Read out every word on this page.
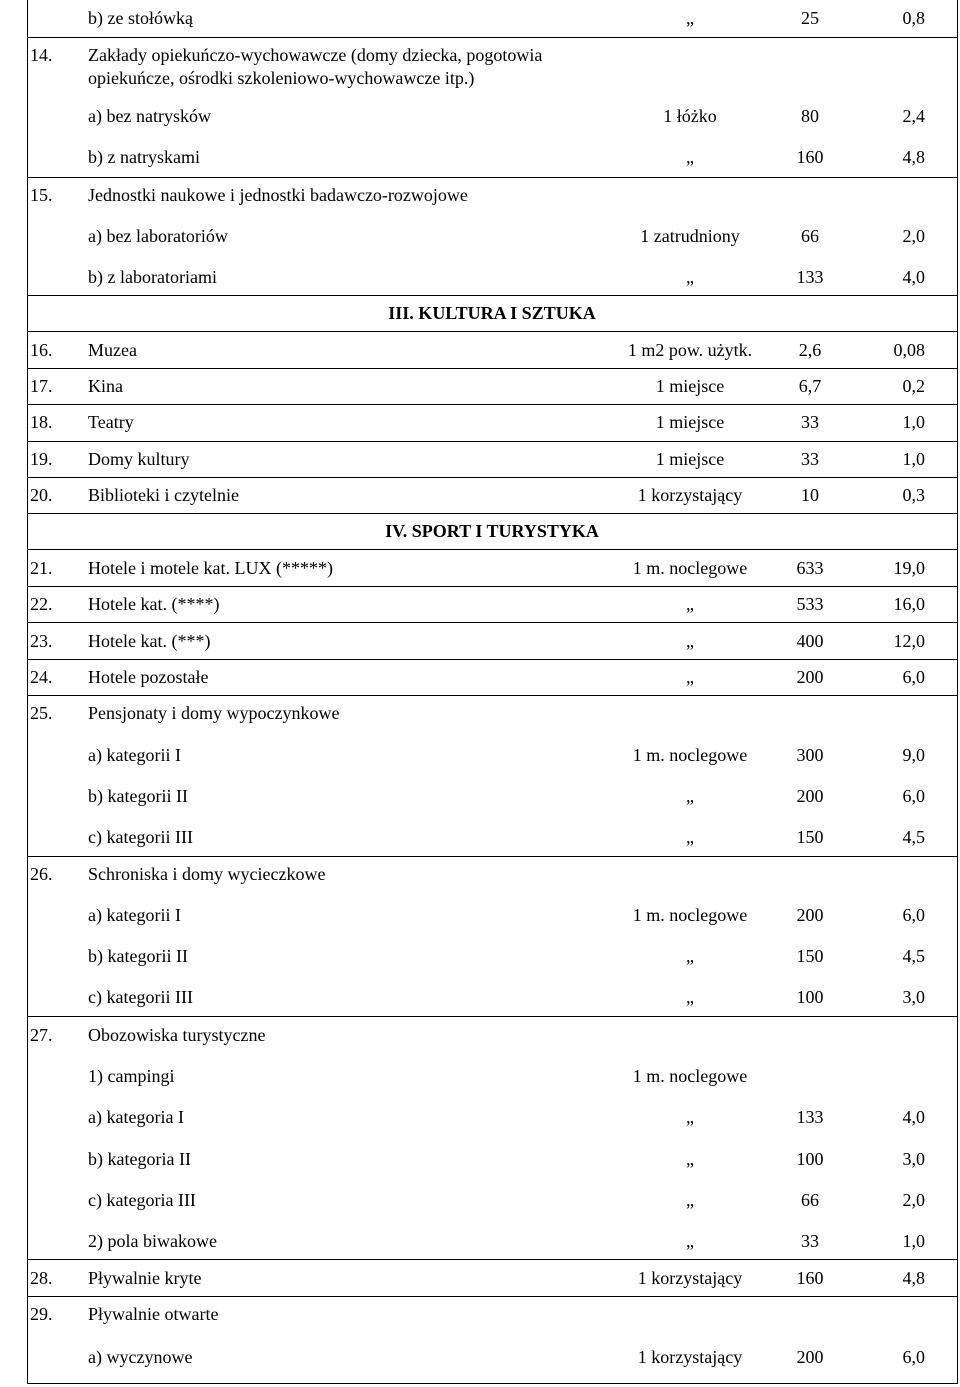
b) ze stołówką	„	25	0,8
14. Zakłady opiekuńczo-wychowawcze (domy dziecka, pogotowia
opiekuńcze, ośrodki szkoleniowo-wychowawcze itp.)
a) bez natrysków	1 łóżko	80	2,4
b) z natryskami	„	160	4,8
15. Jednostki naukowe i jednostki badawczo-rozwojowe
a) bez laboratoriów	1 zatrudniony	66	2,0
b) z laboratoriami	„	133	4,0
III. KULTURA I SZTUKA
16. Muzea	1 m2 pow. użytk.	2,6	0,08
17. Kina	1 miejsce	6,7	0,2
18. Teatry	1 miejsce	33	1,0
19. Domy kultury	1 miejsce	33	1,0
20. Biblioteki i czytelnie	1 korzystający	10	0,3
IV. SPORT I TURYSTYKA
21. Hotele i motele kat. LUX (*****)	1 m. noclegowe	633	19,0
22. Hotele kat. (****)	„	533	16,0
23. Hotele kat. (***)	„	400	12,0
24. Hotele pozostałe	„	200	6,0
25. Pensjonaty i domy wypoczynkowe
a) kategorii I	1 m. noclegowe	300	9,0
b) kategorii II	„	200	6,0
c) kategorii III	„	150	4,5
26. Schroniska i domy wycieczkowe
a) kategorii I	1 m. noclegowe	200	6,0
b) kategorii II	„	150	4,5
c) kategorii III	„	100	3,0
27. Obozowiska turystyczne
1) campingi	1 m. noclegowe
a) kategoria I	„	133	4,0
b) kategoria II	„	100	3,0
c) kategoria III	„	66	2,0
2) pola biwakowe	„	33	1,0
28. Pływalnie kryte	1 korzystający	160	4,8
29. Pływalnie otwarte
a) wyczynowe	1 korzystający	200	6,0
